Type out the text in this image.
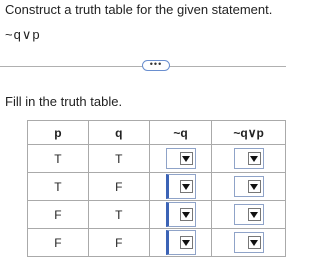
Construct a truth table for the given statement.
~q∨p
•••
Fill in the truth table.
p	q	~q	~q∨p
T	T	

T	F	

F	T	

F	F	
